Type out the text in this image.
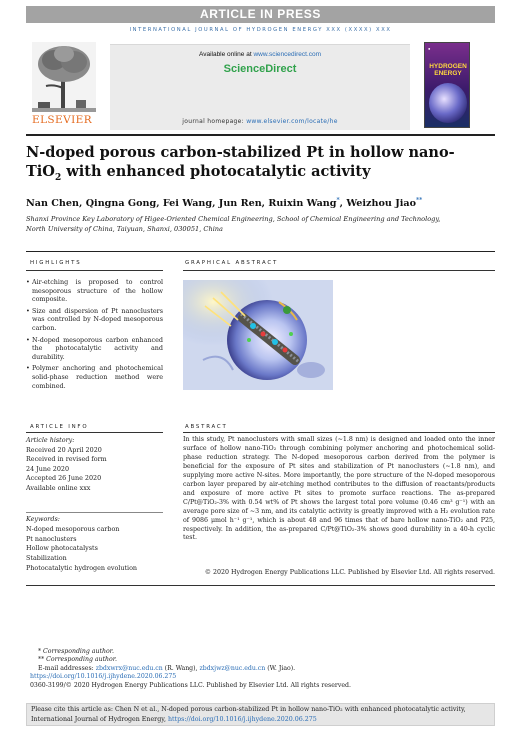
ARTICLE IN PRESS
INTERNATIONAL JOURNAL OF HYDROGEN ENERGY XXX (XXXX) XXX
ELSEVIER
Available online at www.sciencedirect.com
ScienceDirect
journal homepage: www.elsevier.com/locate/he
●
HYDROGEN
ENERGY
N-doped porous carbon-stabilized Pt in hollow nano-TiO$_2$ with enhanced photocatalytic activity
Nan Chen, Qingna Gong, Fei Wang, Jun Ren, Ruixin Wang*, Weizhou Jiao**
Shanxi Province Key Laboratory of Higee-Oriented Chemical Engineering, School of Chemical Engineering and Technology, North University of China, Taiyuan, Shanxi, 030051, China
HIGHLIGHTS
• Air-etching is proposed to control mesoporous structure of the hollow composite.
• Size and dispersion of Pt nanoclusters was controlled by N-doped mesoporous carbon.
• N-doped mesoporous carbon enhanced the photocatalytic activity and durability.
• Polymer anchoring and photochemical solid-phase reduction method were combined.
GRAPHICAL ABSTRACT
ARTICLE INFO
Article history:
Received 20 April 2020
Received in revised form
24 June 2020
Accepted 26 June 2020
Available online xxx
Keywords:
N-doped mesoporous carbon
Pt nanoclusters
Hollow photocatalysts
Stabilization
Photocatalytic hydrogen evolution
ABSTRACT
In this study, Pt nanoclusters with small sizes (~1.8 nm) is designed and loaded onto the inner surface of hollow nano-TiO₂ through combining polymer anchoring and photochemical solid-phase reduction strategy. The N-doped mesoporous carbon derived from the polymer is beneficial for the exposure of Pt sites and stabilization of Pt nanoclusters (~1.8 nm), and supplying more active N-sites. More importantly, the pore structure of the N-doped mesoporous carbon layer prepared by air-etching method contributes to the diffusion of reactants/products and exposure of more active Pt sites to promote surface reactions. The as-prepared C/Pt@TiO₂-3% with 0.54 wt% of Pt shows the largest total pore volume (0.46 cm³ g⁻¹) with an average pore size of ~3 nm, and its catalytic activity is greatly improved with a H₂ evolution rate of 9086 μmol h⁻¹ g⁻¹, which is about 48 and 96 times that of bare hollow nano-TiO₂ and P25, respectively. In addition, the as-prepared C/Pt@TiO₂-3% shows good durability in a 40-h cyclic test.
© 2020 Hydrogen Energy Publications LLC. Published by Elsevier Ltd. All rights reserved.
* Corresponding author.
** Corresponding author.
E-mail addresses: zbdxwrx@nuc.edu.cn (R. Wang), zbdxjwz@nuc.edu.cn (W. Jiao).
https://doi.org/10.1016/j.ijhydene.2020.06.275
0360-3199/© 2020 Hydrogen Energy Publications LLC. Published by Elsevier Ltd. All rights reserved.
Please cite this article as: Chen N et al., N-doped porous carbon-stabilized Pt in hollow nano-TiO₂ with enhanced photocatalytic activity, International Journal of Hydrogen Energy, https://doi.org/10.1016/j.ijhydene.2020.06.275
